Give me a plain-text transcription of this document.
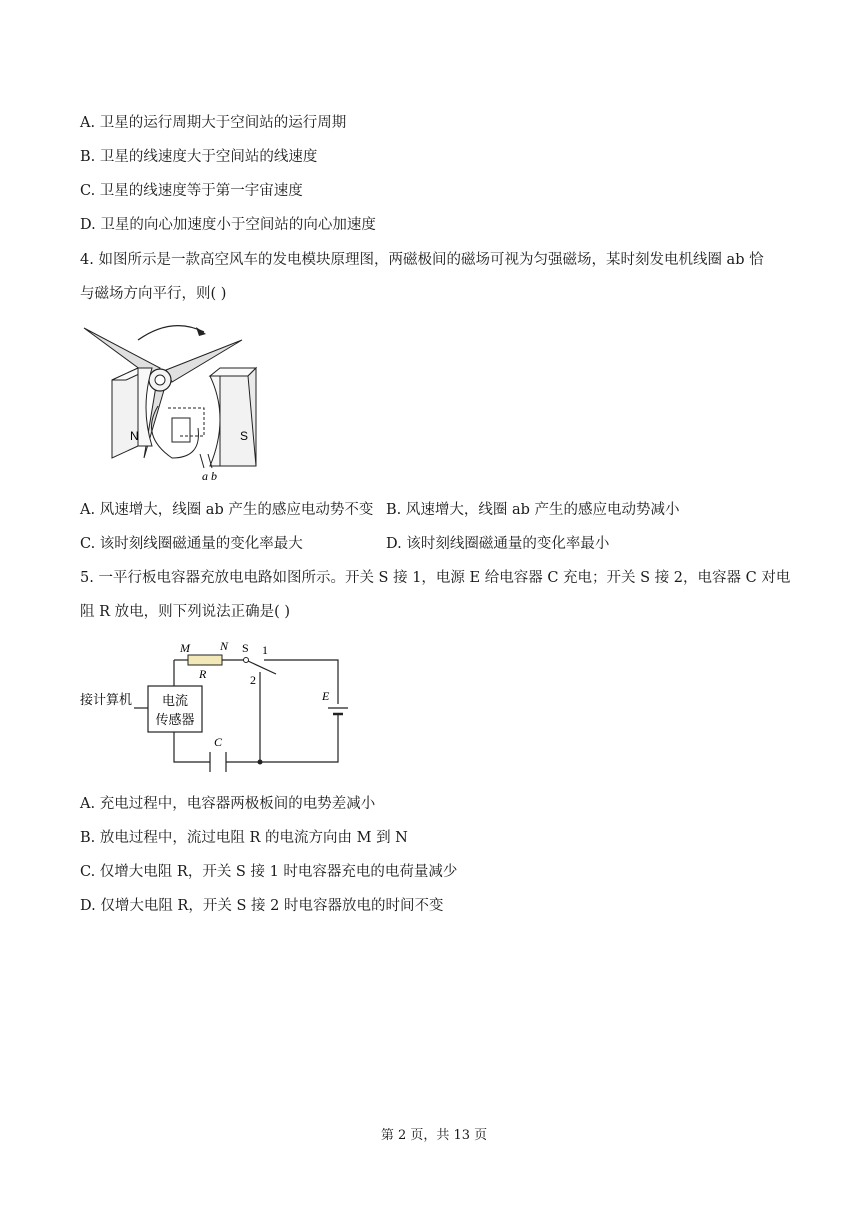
A. 卫星的运行周期大于空间站的运行周期
B. 卫星的线速度大于空间站的线速度
C. 卫星的线速度等于第一宇宙速度
D. 卫星的向心加速度小于空间站的向心加速度
4. 如图所示是一款高空风车的发电模块原理图，两磁极间的磁场可视为匀强磁场，某时刻发电机线圈 ab 恰
与磁场方向平行，则( )
N	S
a b
A. 风速增大，线圈 ab 产生的感应电动势不变 B. 风速增大，线圈 ab 产生的感应电动势减小
C. 该时刻线圈磁通量的变化率最大	D. 该时刻线圈磁通量的变化率最小
5. 一平行板电容器充放电电路如图所示。开关 S 接 1，电源 E 给电容器 C 充电；开关 S 接 2，电容器 C 对电
阻 R 放电，则下列说法正确是( )
M	N
R
S 1
2
E
C
电流
传感器
接计算机
A. 充电过程中，电容器两极板间的电势差减小
B. 放电过程中，流过电阻 R 的电流方向由 M 到 N
C. 仅增大电阻 R，开关 S 接 1 时电容器充电的电荷量减少
D. 仅增大电阻 R，开关 S 接 2 时电容器放电的时间不变
第 2 页，共 13 页
